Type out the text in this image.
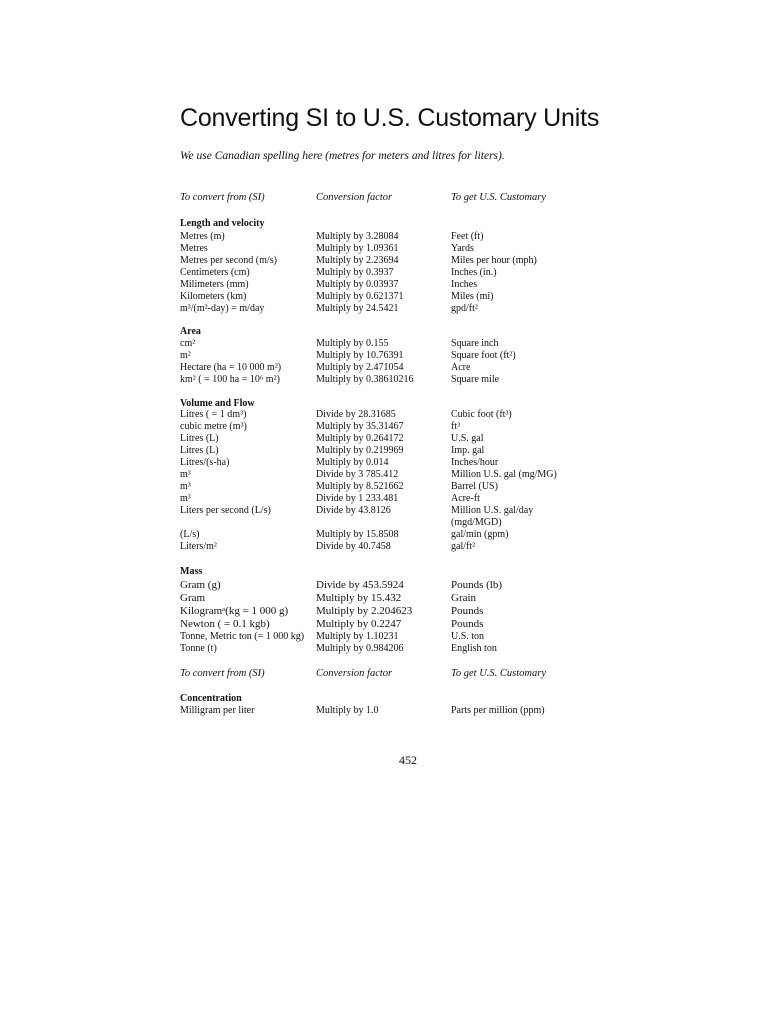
Converting SI to U.S. Customary Units
We use Canadian spelling here (metres for meters and litres for liters).
To convert from (SI)	Conversion factor	To get U.S. Customary
Length and velocity
Metres (m)	Multiply by 3.28084	Feet (ft)
Metres	Multiply by 1.09361	Yards
Metres per second (m/s)	Multiply by 2.23694	Miles per hour (mph)
Centimeters (cm)	Multiply by 0.3937	Inches (in.)
Milimeters (mm)	Multiply by 0.03937	Inches
Kilometers (km)	Multiply by 0.621371	Miles (mi)
m³/(m²-day) = m/day	Multiply by 24.5421	gpd/ft²
Area
cm²	Multiply by 0.155	Square inch
m²	Multiply by 10.76391	Square foot (ft²)
Hectare (ha = 10 000 m²)	Multiply by 2.471054	Acre
km² ( = 100 ha = 10⁶ m²)	Multiply by 0.38610216	Square mile
Volume and Flow
Litres ( = 1 dm³)	Divide by 28.31685	Cubic foot (ft³)
cubic metre (m³)	Multiply by 35.31467	ft³
Litres (L)	Multiply by 0.264172	U.S. gal
Litres (L)	Multiply by 0.219969	Imp. gal
Litres/(s-ha)	Multiply by 0.014	Inches/hour
m³	Divide by 3 785.412	Million U.S. gal (mg/MG)
m³	Multiply by 8.521662	Barrel (US)
m³	Divide by 1 233.481	Acre-ft
Liters per second (L/s)	Divide by 43.8126	Million U.S. gal/day
(mgd/MGD)
(L/s)	Multiply by 15.8508	gal/min (gpm)
Liters/m²	Divide by 40.7458	gal/ft²
Mass
Gram (g)	Divide by 453.5924	Pounds (lb)
Gram	Multiply by 15.432	Grain
Kilogramᵃ(kg = 1 000 g)	Multiply by 2.204623	Pounds
Newton ( = 0.1 kgb)	Multiply by 0.2247	Pounds
Tonne, Metric ton (= 1 000 kg) Multiply by 1.10231	U.S. ton
Tonne (t)	Multiply by 0.984206	English ton
To convert from (SI)	Conversion factor	To get U.S. Customary
Concentration
Milligram per liter	Multiply by 1.0	Parts per million (ppm)
452
